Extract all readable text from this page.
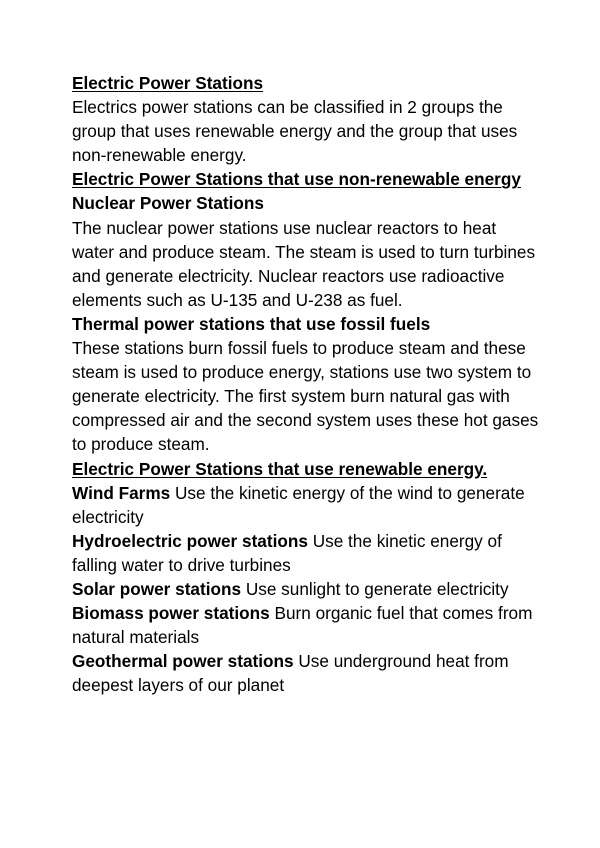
Electric Power Stations

Electrics power stations can be classified in 2 groups the group that uses renewable energy and the group that uses non-renewable energy.

Electric Power Stations that use non-renewable energy

Nuclear Power Stations

The nuclear power stations use nuclear reactors to heat water and produce steam. The steam is used to turn turbines and generate electricity. Nuclear reactors use radioactive elements such as U-135 and U-238 as fuel.

Thermal power stations that use fossil fuels

These stations burn fossil fuels to produce steam and these steam is used to produce energy, stations use two system to generate electricity. The first system burn natural gas with compressed air and the second system uses these hot gases to produce steam.

Electric Power Stations that use renewable energy.

Wind Farms Use the kinetic energy of the wind to generate electricity

Hydroelectric power stations Use the kinetic energy of falling water to drive turbines

Solar power stations Use sunlight to generate electricity

Biomass power stations Burn organic fuel that comes from natural materials

Geothermal power stations Use underground heat from deepest layers of our planet
